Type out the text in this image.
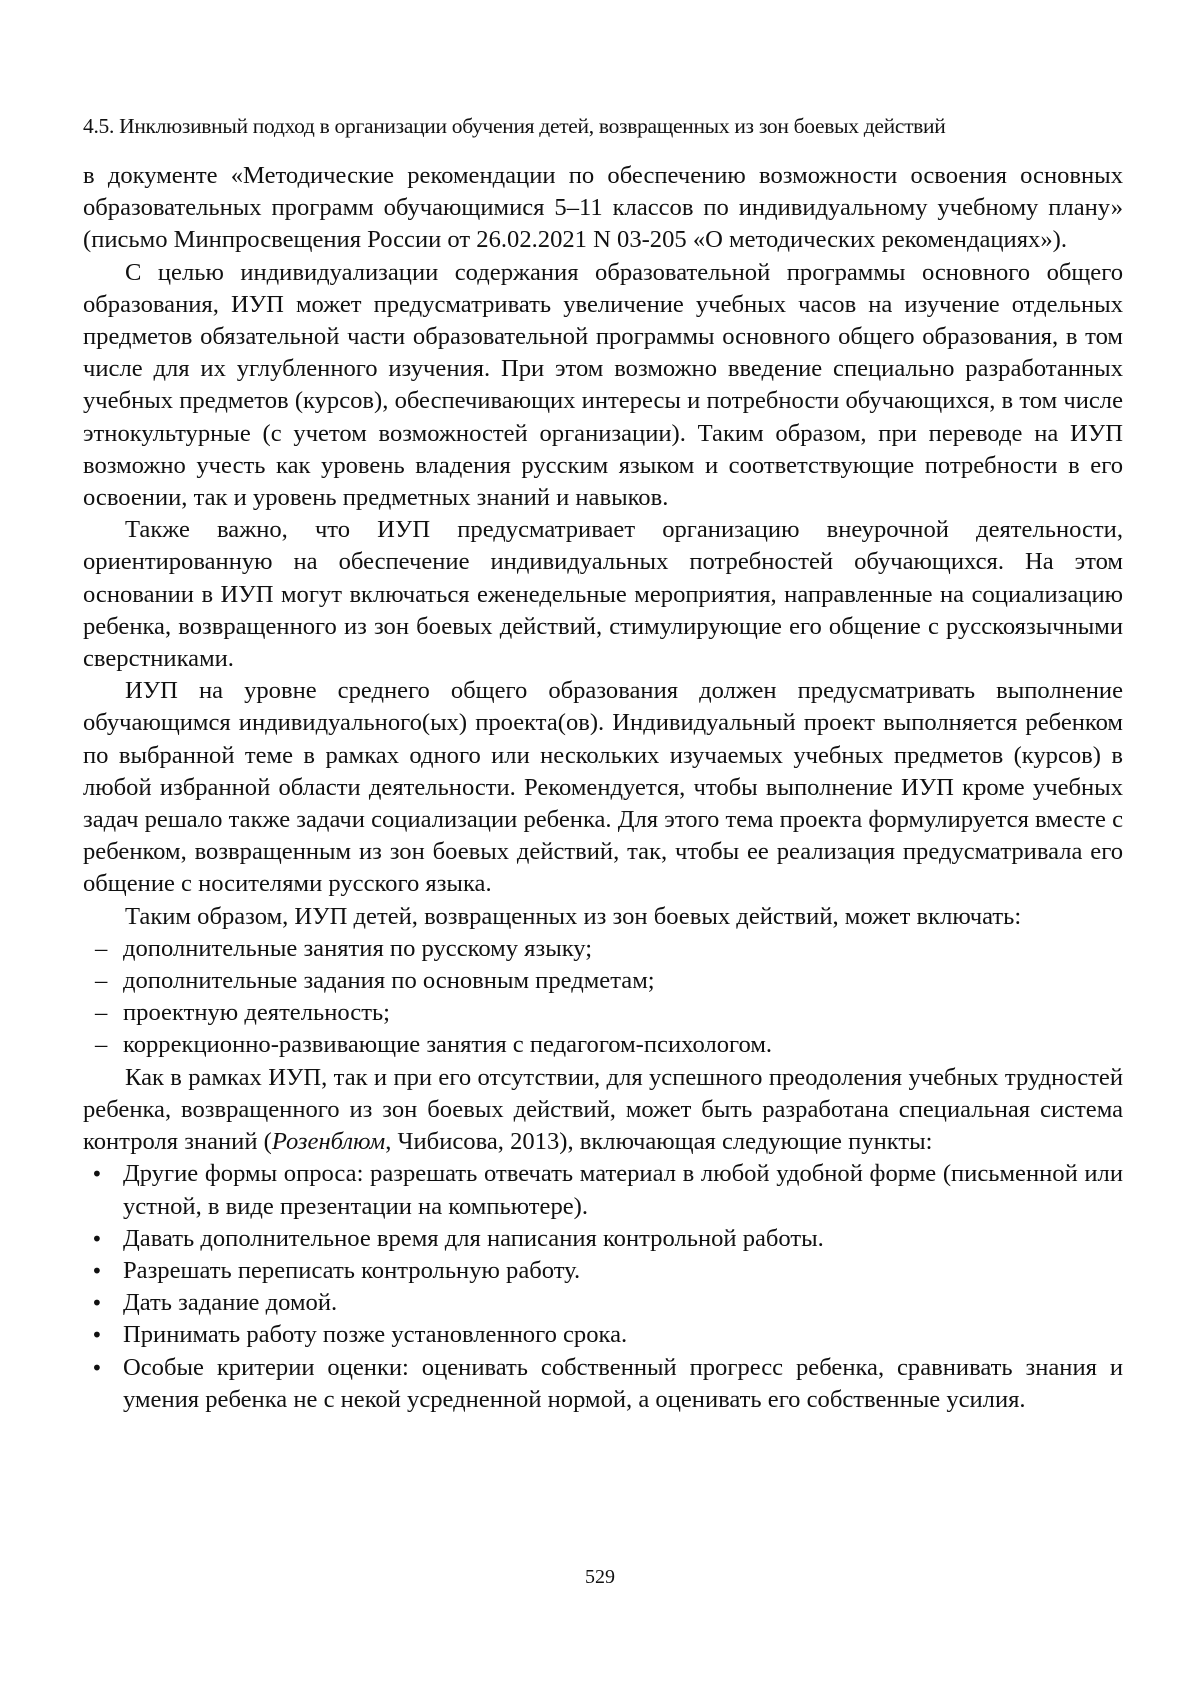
4.5. Инклюзивный подход в организации обучения детей, возвращенных из зон боевых действий

в документе «Методические рекомендации по обеспечению возможности освоения основных образовательных программ обучающимися 5–11 классов по индивидуальному учебному плану» (письмо Минпросвещения России от 26.02.2021 N 03-205 «О методических рекомендациях»).

С целью индивидуализации содержания образовательной программы основного общего образования, ИУП может предусматривать увеличение учебных часов на изучение отдельных предметов обязательной части образовательной программы основного общего образования, в том числе для их углубленного изучения. При этом возможно введение специально разработанных учебных предметов (курсов), обеспечивающих интересы и потребности обучающихся, в том числе этнокультурные (с учетом возможностей организации). Таким образом, при переводе на ИУП возможно учесть как уровень владения русским языком и соответствующие потребности в его освоении, так и уровень предметных знаний и навыков.

Также важно, что ИУП предусматривает организацию внеурочной деятельности, ориентированную на обеспечение индивидуальных потребностей обучающихся. На этом основании в ИУП могут включаться еженедельные мероприятия, направленные на социализацию ребенка, возвращенного из зон боевых действий, стимулирующие его общение с русскоязычными сверстниками.

ИУП на уровне среднего общего образования должен предусматривать выполнение обучающимся индивидуального(ых) проекта(ов). Индивидуальный проект выполняется ребенком по выбранной теме в рамках одного или нескольких изучаемых учебных предметов (курсов) в любой избранной области деятельности. Рекомендуется, чтобы выполнение ИУП кроме учебных задач решало также задачи социализации ребенка. Для этого тема проекта формулируется вместе с ребенком, возвращенным из зон боевых действий, так, чтобы ее реализация предусматривала его общение с носителями русского языка.

Таким образом, ИУП детей, возвращенных из зон боевых действий, может включать:

– дополнительные занятия по русскому языку;
– дополнительные задания по основным предметам;
– проектную деятельность;
– коррекционно-развивающие занятия с педагогом-психологом.

Как в рамках ИУП, так и при его отсутствии, для успешного преодоления учебных трудностей ребенка, возвращенного из зон боевых действий, может быть разработана специальная система контроля знаний (Розенблюм, Чибисова, 2013), включающая следующие пункты:

• Другие формы опроса: разрешать отвечать материал в любой удобной форме (письменной или устной, в виде презентации на компьютере).
• Давать дополнительное время для написания контрольной работы.
• Разрешать переписать контрольную работу.
• Дать задание домой.
• Принимать работу позже установленного срока.
• Особые критерии оценки: оценивать собственный прогресс ребенка, сравнивать знания и умения ребенка не с некой усредненной нормой, а оценивать его собственные усилия.
529
